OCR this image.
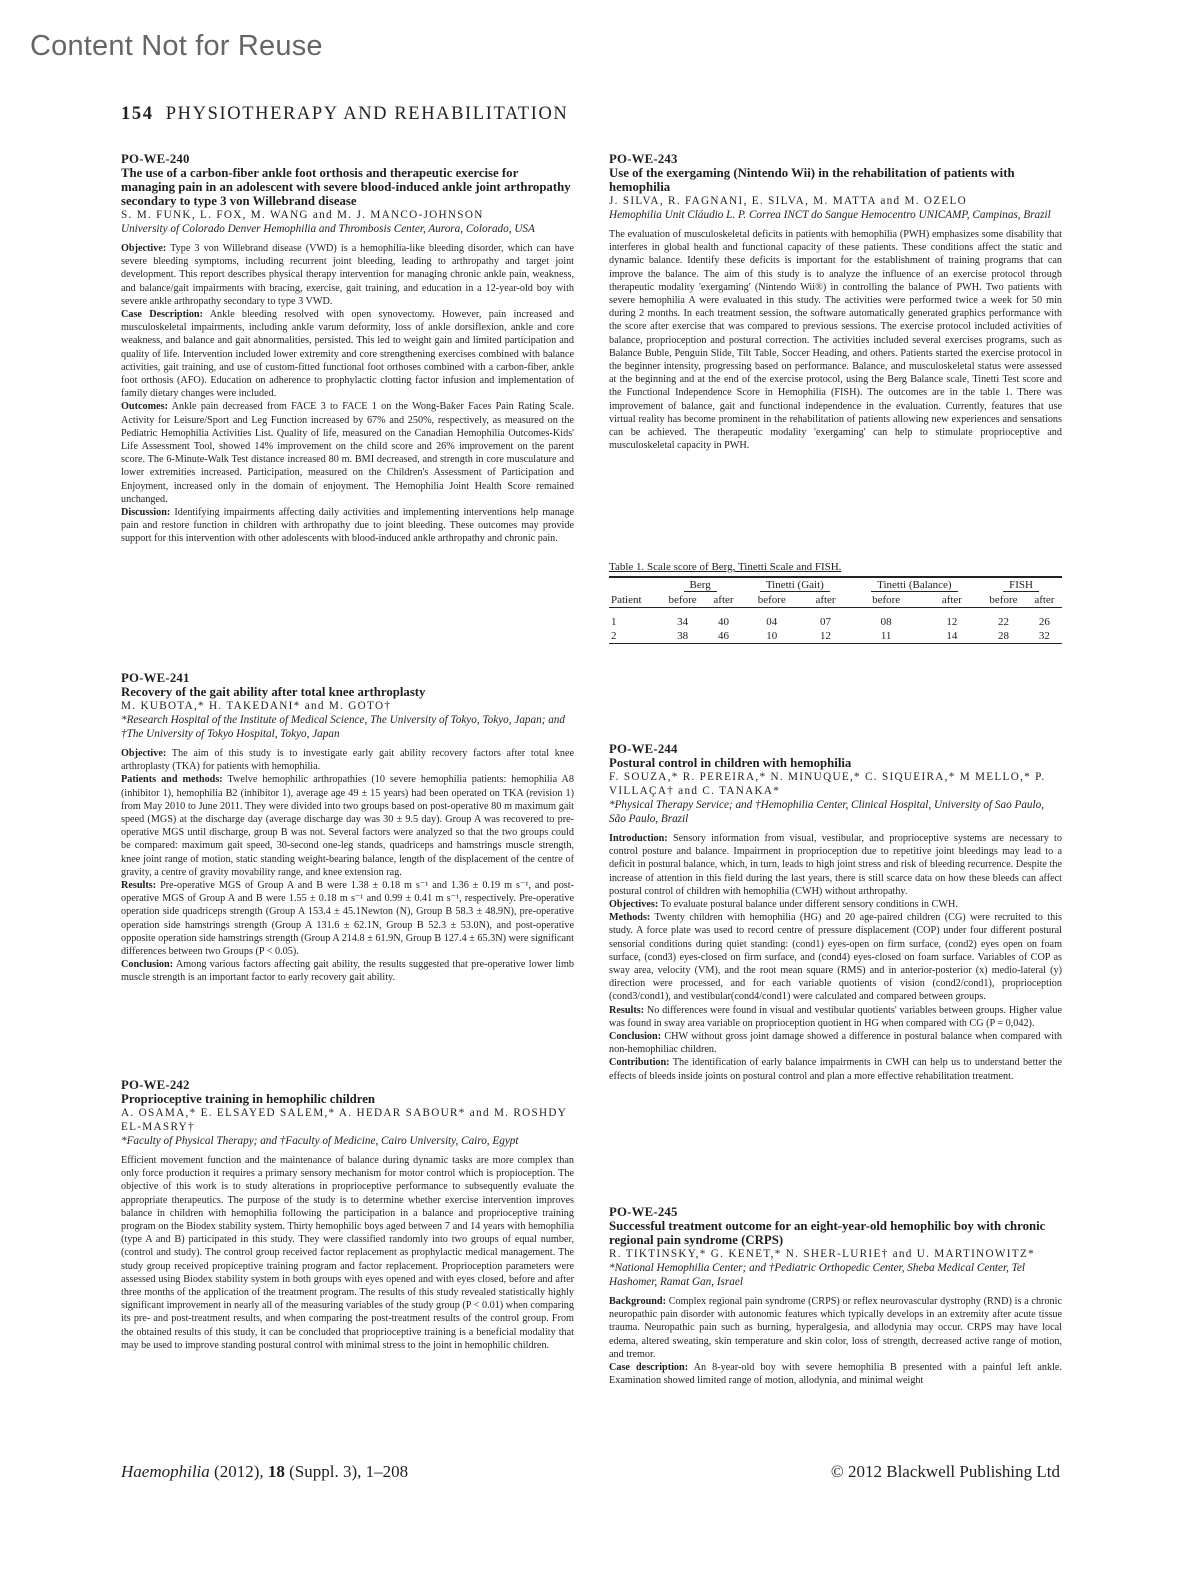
Content Not for Reuse
154 PHYSIOTHERAPY AND REHABILITATION
PO-WE-240
The use of a carbon-fiber ankle foot orthosis and therapeutic exercise for managing pain in an adolescent with severe blood-induced ankle joint arthropathy secondary to type 3 von Willebrand disease
S. M. FUNK, L. FOX, M. WANG and M. J. MANCO-JOHNSON
University of Colorado Denver Hemophilia and Thrombosis Center, Aurora, Colorado, USA

Objective: Type 3 von Willebrand disease (VWD) is a hemophilia-like bleeding disorder, which can have severe bleeding symptoms, including recurrent joint bleeding, leading to arthropathy and target joint development. This report describes physical therapy intervention for managing chronic ankle pain, weakness, and balance/gait impairments with bracing, exercise, gait training, and education in a 12-year-old boy with severe ankle arthropathy secondary to type 3 VWD.

Case Description: Ankle bleeding resolved with open synovectomy. However, pain increased and musculoskeletal impairments, including ankle varum deformity, loss of ankle dorsiflexion, ankle and core weakness, and balance and gait abnormalities, persisted. This led to weight gain and limited participation and quality of life. Intervention included lower extremity and core strengthening exercises combined with balance activities, gait training, and use of custom-fitted functional foot orthoses combined with a carbon-fiber, ankle foot orthosis (AFO). Education on adherence to prophylactic clotting factor infusion and implementation of family dietary changes were included.

Outcomes: Ankle pain decreased from FACE 3 to FACE 1 on the Wong-Baker Faces Pain Rating Scale. Activity for Leisure/Sport and Leg Function increased by 67% and 250%, respectively, as measured on the Pediatric Hemophilia Activities List. Quality of life, measured on the Canadian Hemophilia Outcomes-Kids' Life Assessment Tool, showed 14% improvement on the child score and 26% improvement on the parent score. The 6-Minute-Walk Test distance increased 80 m. BMI decreased, and strength in core musculature and lower extremities increased. Participation, measured on the Children's Assessment of Participation and Enjoyment, increased only in the domain of enjoyment. The Hemophilia Joint Health Score remained unchanged.

Discussion: Identifying impairments affecting daily activities and implementing interventions help manage pain and restore function in children with arthropathy due to joint bleeding. These outcomes may provide support for this intervention with other adolescents with blood-induced ankle arthropathy and chronic pain.

PO-WE-241
Recovery of the gait ability after total knee arthroplasty
M. KUBOTA,* H. TAKEDANI* and M. GOTO†
*Research Hospital of the Institute of Medical Science, The University of Tokyo, Tokyo, Japan; and †The University of Tokyo Hospital, Tokyo, Japan

Objective: The aim of this study is to investigate early gait ability recovery factors after total knee arthroplasty (TKA) for patients with hemophilia.

Patients and methods: Twelve hemophilic arthropathies (10 severe hemophilia patients: hemophilia A8 (inhibitor 1), hemophilia B2 (inhibitor 1), average age 49 ± 15 years) had been operated on TKA (revision 1) from May 2010 to June 2011. They were divided into two groups based on post-operative 80 m maximum gait speed (MGS) at the discharge day (average discharge day was 30 ± 9.5 day). Group A was recovered to pre-operative MGS until discharge, group B was not. Several factors were analyzed so that the two groups could be compared: maximum gait speed, 30-second one-leg stands, quadriceps and hamstrings muscle strength, knee joint range of motion, static standing weight-bearing balance, length of the displacement of the centre of gravity, a centre of gravity movability range, and knee extension rag.

Results: Pre-operative MGS of Group A and B were 1.38 ± 0.18 m s⁻¹ and 1.36 ± 0.19 m s⁻¹, and post-operative MGS of Group A and B were 1.55 ± 0.18 m s⁻¹ and 0.99 ± 0.41 m s⁻¹, respectively. Pre-operative operation side quadriceps strength (Group A 153.4 ± 45.1Newton (N), Group B 58.3 ± 48.9N), pre-operative operation side hamstrings strength (Group A 131.6 ± 62.1N, Group B 52.3 ± 53.0N), and post-operative opposite operation side hamstrings strength (Group A 214.8 ± 61.9N, Group B 127.4 ± 65.3N) were significant differences between two Groups (P < 0.05).

Conclusion: Among various factors affecting gait ability, the results suggested that pre-operative lower limb muscle strength is an important factor to early recovery gait ability.

PO-WE-242
Proprioceptive training in hemophilic children
A. OSAMA,* E. ELSAYED SALEM,* A. HEDAR SABOUR* and M. ROSHDY EL-MASRY†
*Faculty of Physical Therapy; and †Faculty of Medicine, Cairo University, Cairo, Egypt

Efficient movement function and the maintenance of balance during dynamic tasks are more complex than only force production it requires a primary sensory mechanism for motor control which is propioception. The objective of this work is to study alterations in proprioceptive performance to subsequently evaluate the appropriate therapeutics. The purpose of the study is to determine whether exercise intervention improves balance in children with hemophilia following the participation in a balance and proprioceptive training program on the Biodex stability system. Thirty hemophilic boys aged between 7 and 14 years with hemophilia (type A and B) participated in this study. They were classified randomly into two groups of equal number, (control and study). The control group received factor replacement as prophylactic medical management. The study group received propiceptive training program and factor replacement. Proprioception parameters were assessed using Biodex stability system in both groups with eyes opened and with eyes closed, before and after three months of the application of the treatment program. The results of this study revealed statistically highly significant improvement in nearly all of the measuring variables of the study group (P < 0.01) when comparing its pre- and post-treatment results, and when comparing the post-treatment results of the control group. From the obtained results of this study, it can be concluded that proprioceptive training is a beneficial modality that may be used to improve standing postural control with minimal stress to the joint in hemophilic children.

PO-WE-243
Use of the exergaming (Nintendo Wii) in the rehabilitation of patients with hemophilia
J. SILVA, R. FAGNANI, E. SILVA, M. MATTA and M. OZELO
Hemophilia Unit Cláudio L. P. Correa INCT do Sangue Hemocentro UNICAMP, Campinas, Brazil

The evaluation of musculoskeletal deficits in patients with hemophilia (PWH) emphasizes some disability that interferes in global health and functional capacity of these patients. These conditions affect the static and dynamic balance. Identify these deficits is important for the establishment of training programs that can improve the balance. The aim of this study is to analyze the influence of an exercise protocol through therapeutic modality 'exergaming' (Nintendo Wii®) in controlling the balance of PWH. Two patients with severe hemophilia A were evaluated in this study. The activities were performed twice a week for 50 min during 2 months. In each treatment session, the software automatically generated graphics performance with the score after exercise that was compared to previous sessions. The exercise protocol included activities of balance, proprioception and postural correction. The activities included several exercises programs, such as Balance Buble, Penguin Slide, Tilt Table, Soccer Heading, and others. Patients started the exercise protocol in the beginner intensity, progressing based on performance. Balance, and musculoskeletal status were assessed at the beginning and at the end of the exercise protocol, using the Berg Balance scale, Tinetti Test score and the Functional Independence Score in Hemophilia (FISH). The outcomes are in the table 1. There was improvement of balance, gait and functional independence in the evaluation. Currently, features that use virtual reality has become prominent in the rehabilitation of patients allowing new experiences and sensations can be achieved. The therapeutic modality 'exergaming' can help to stimulate proprioceptive and musculoskeletal capacity in PWH.

Table 1. Scale score of Berg, Tinetti Scale and FISH.
	Berg		Tinetti (Gait)		Tinetti (Balance)		FISH	
Patient	before	after	before	after	before	after	before	after
1	34	40	04	07	08	12	22	26
2	38	46	10	12	11	14	28	32
PO-WE-244
Postural control in children with hemophilia
F. SOUZA,* R. PEREIRA,* N. MINUQUE,* C. SIQUEIRA,* M MELLO,* P. VILLAÇA† and C. TANAKA*
*Physical Therapy Service; and †Hemophilia Center, Clinical Hospital, University of Sao Paulo, São Paulo, Brazil

Introduction: Sensory information from visual, vestibular, and proprioceptive systems are necessary to control posture and balance. Impairment in proprioception due to repetitive joint bleedings may lead to a deficit in postural balance, which, in turn, leads to high joint stress and risk of bleeding recurrence. Despite the increase of attention in this field during the last years, there is still scarce data on how these bleeds can affect postural control of children with hemophilia (CWH) without arthropathy.

Objectives: To evaluate postural balance under different sensory conditions in CWH.

Methods: Twenty children with hemophilia (HG) and 20 age-paired children (CG) were recruited to this study. A force plate was used to record centre of pressure displacement (COP) under four different postural sensorial conditions during quiet standing: (cond1) eyes-open on firm surface, (cond2) eyes open on foam surface, (cond3) eyes-closed on firm surface, and (cond4) eyes-closed on foam surface. Variables of COP as sway area, velocity (VM), and the root mean square (RMS) and in anterior-posterior (x) medio-lateral (y) direction were processed, and for each variable quotients of vision (cond2/cond1), proprioception (cond3/cond1), and vestibular(cond4/cond1) were calculated and compared between groups.

Results: No differences were found in visual and vestibular quotients' variables between groups. Higher value was found in sway area variable on proprioception quotient in HG when compared with CG (P = 0,042).

Conclusion: CHW without gross joint damage showed a difference in postural balance when compared with non-hemophiliac children.

Contribution: The identification of early balance impairments in CWH can help us to understand better the effects of bleeds inside joints on postural control and plan a more effective rehabilitation treatment.

PO-WE-245
Successful treatment outcome for an eight-year-old hemophilic boy with chronic regional pain syndrome (CRPS)
R. TIKTINSKY,* G. KENET,* N. SHER-LURIE† and U. MARTINOWITZ*
*National Hemophilia Center; and †Pediatric Orthopedic Center, Sheba Medical Center, Tel Hashomer, Ramat Gan, Israel

Background: Complex regional pain syndrome (CRPS) or reflex neurovascular dystrophy (RND) is a chronic neuropathic pain disorder with autonomic features which typically develops in an extremity after acute tissue trauma. Neuropathic pain such as burning, hyperalgesia, and allodynia may occur. CRPS may have local edema, altered sweating, skin temperature and skin color, loss of strength, decreased active range of motion, and tremor.

Case description: An 8-year-old boy with severe hemophilia B presented with a painful left ankle. Examination showed limited range of motion, allodynia, and minimal weight

Haemophilia (2012), 18 (Suppl. 3), 1–208	© 2012 Blackwell Publishing Ltd
